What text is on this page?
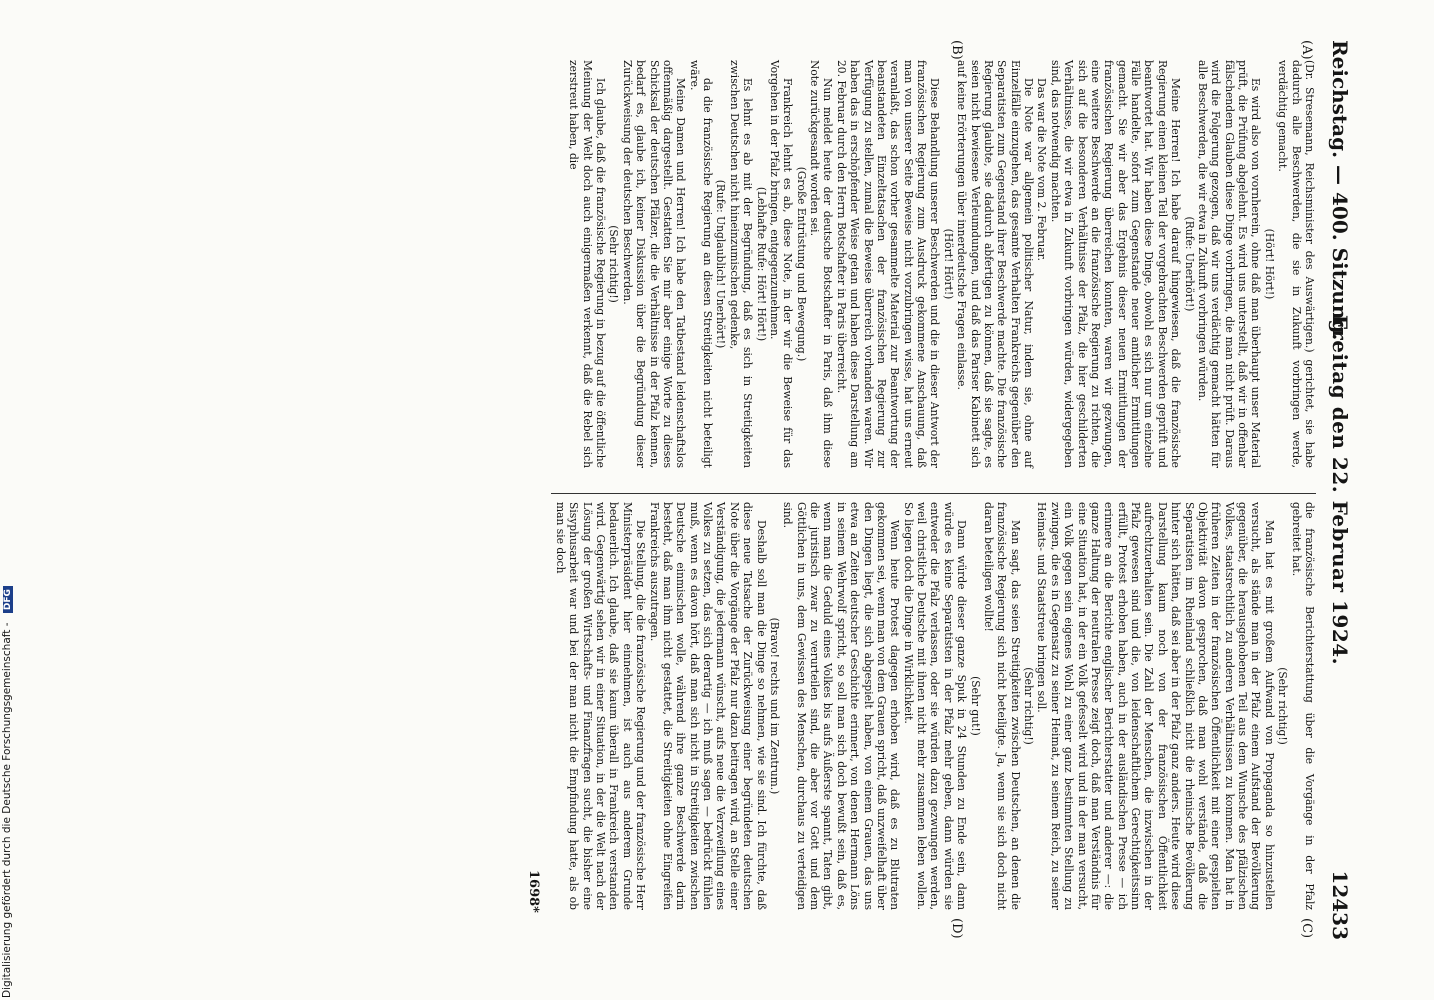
Reichstag. — 400. Sitzung.
Freitag den 22. Februar 1924.
12433
(A)
(B)
(C)
(D)

(Dr. Stresemann, Reichsminister des Auswärtigen.) gerichtet, sie habe dadurch alle Beschwerden, die sie in Zukunft vorbringen werde, verdächtig gemacht.

(Hört! Hört!)

Es wird also von vornherein, ohne daß man überhaupt unser Material prüft, die Prüfung abgelehnt. Es wird uns unterstellt, daß wir in offenbar fälschendem Glauben diese Dinge vorbringen, die man nicht prüft. Daraus wird die Folgerung gezogen, daß wir uns verdächtig gemacht hätten für alle Beschwerden, die wir etwa in Zukunft vorbringen würden.

(Rufe: Unerhört!)

Meine Herren! Ich habe darauf hingewiesen, daß die französische Regierung einen kleinen Teil der vorgebrachten Beschwerden geprüft und beantwortet hat. Wir haben diese Dinge, obwohl es sich nur um einzelne Fälle handelte, sofort zum Gegenstande neuer amtlicher Ermittlungen gemacht. Sie wir aber das Ergebnis dieser neuen Ermittlungen der französischen Regierung überreichen konnten, waren wir gezwungen, eine weitere Beschwerde an die französische Regierung zu richten, die sich auf die besonderen Verhältnisse der Pfalz, die hier geschilderten Verhältnisse, die wir etwa in Zukunft vorbringen würden, widergegeben sind, das notwendig machten.

Das war die Note vom 2. Februar.

Die Note war allgemein politischer Natur, indem sie, ohne auf Einzelfälle einzugehen, das gesamte Verhalten Frankreichs gegenüber den Separatisten zum Gegenstand ihrer Beschwerde machte. Die französische Regierung glaubte, sie dadurch abfertigen zu können, daß sie sagte, es seien nicht bewiesene Verleumdungen, und daß das Pariser Kabinett sich auf keine Erörterungen über innerdeutsche Fragen einlasse.

(Hört! Hört!)

Diese Behandlung unserer Beschwerden und die in dieser Antwort der französischen Regierung zum Ausdruck gekommene Anschauung, daß man von unserer Seite Beweise nicht vorzubringen wisse, hat uns erneut veranlaßt, das schon vorher gesammelte Material zur Beantwortung der beanstandeten Einzeltatsachen der französischen Regierung zur Verfügung zu stellen, zumal die Beweise überreich vorhanden waren. Wir haben das in erschöpfender Weise getan und haben diese Darstellung am 20. Februar durch den Herrn Botschafter in Paris überreicht.

Nun meldet heute der deutsche Botschafter in Paris, daß ihm diese Note zurückgesandt worden sei.

(Große Entrüstung und Bewegung.)

Frankreich lehnt es ab, diese Note, in der wir die Beweise für das Vorgehen in der Pfalz bringen, entgegenzunehmen.

(Lebhafte Rufe: Hört! Hört!)

Es lehnt es ab mit der Begründung, daß es sich in Streitigkeiten zwischen Deutschen nicht hineinzumischen gedenke,

(Rufe: Unglaublich! Unerhört!)

da die französische Regierung an diesen Streitigkeiten nicht beteiligt wäre.

Meine Damen und Herren! Ich habe den Tatbestand leidenschaftslos offenmäßig dargestellt. Gestatten Sie mir aber einige Worte zu dieses Schicksal der deutschen Pfälzer, die die Verhältnisse in der Pfalz kennen, bedarf es, glaube ich, keiner Diskussion über die Begründung dieser Zurückweisung der deutschen Beschwerden.

(Sehr richtig!)

Ich glaube, daß die französische Regierung in bezug auf die öffentliche Meinung der Welt doch auch einigermaßen verkennt, daß die Rebel sich zerstreut haben, die

die französische Berichterstattung über die Vorgänge in der Pfalz gebreitet hat.

(Sehr richtig!)

Man hat es mit großem Aufwand von Propaganda so hinzustellen versucht, als stände man in der Pfalz einem Aufstand der Bevölkerung gegenüber, die herausgehobenen Teil aus dem Wunsche des pfälzischen Volkes, staatsrechtlich zu anderen Verhältnissen zu kommen. Man hat in früheren Zeiten in der französischen Öffentlichkeit mit einer gespielten Objektivität davon gesprochen, daß man wohl verstände, daß die Separatisten im Rheinland schließlich nicht die rheinische Bevölkerung hinter sich hätten, daß sei aber in der Pfalz ganz anders. Heute wird diese Darstellung kaum noch von der französischen Öffentlichkeit aufrechtzuerhalten sein. Die Zahl der Menschen, die inzwischen in der Pfalz gewesen sind und die, von leidenschaftlichem Gerechtigkeitssinn erfüllt, Protest erhoben haben, auch in der ausländischen Presse — ich erinnere an die Berichte englischer Berichterstatter und anderer —: die ganze Haltung der neutralen Presse zeigt doch, daß man Verständnis für eine Situation hat, in der ein Volk gefesselt wird und in der man versucht, ein Volk gegen sein eigenes Wohl zu einer ganz bestimmten Stellung zu zwingen, die es in Gegensatz zu seiner Heimat, zu seinem Reich, zu seiner Heimats- und Staatstreue bringen soll.

(Sehr richtig!)

Man sagt, das seien Streitigkeiten zwischen Deutschen, an denen die französische Regierung sich nicht beteiligte. Ja, wenn sie sich doch nicht daran beteiligen wollte!

(Sehr gut!)

Dann würde dieser ganze Spuk in 24 Stunden zu Ende sein, dann würde es keine Separatisten in der Pfalz mehr geben, dann würden sie entweder die Pfalz verlassen, oder sie würden dazu gezwungen werden, weil christliche Deutsche mit ihnen nicht mehr zusammen leben wollen. So liegen doch die Dinge in Wirklichkeit.

Wenn heute Protest dagegen erhoben wird, daß es zu Blutraten gekommen sei, wenn man von dem Grauen spricht, daß unzweifelhaft über den Dingen liegt, die sich abgespielt haben, von einem Grauen, das uns etwa an Zeiten deutscher Geschichte erinnert, von denen Hermann Löns in seinem Wehrwolf spricht, so soll man sich doch bewußt sein, daß es, wenn man die Geduld eines Volkes bis aufs Äußerste spannt, Taten gibt, die juristisch zwar zu verurteilen sind, die aber vor Gott und dem Göttlichen in uns, dem Gewissen des Menschen, durchaus zu verteidigen sind.

(Bravo! rechts und im Zentrum.)

Deshalb soll man die Dinge so nehmen, wie sie sind. Ich fürchte, daß diese neue Tatsache der Zurückweisung einer begründeten deutschen Note über die Vorgänge der Pfalz nur dazu beitragen wird, an Stelle einer Verständigung, die jedermann wünscht, aufs neue die Verzweiflung eines Volkes zu setzen, das sich derartig — ich muß sagen — bedrückt fühlen muß, wenn es davon hört, daß man sich nicht in Streitigkeiten zwischen Deutsche einmischen wolle, während ihre ganze Beschwerde darin besteht, daß man ihm nicht gestattet, die Streitigkeiten ohne Eingreifen Frankreichs auszutragen.

Die Stellung, die die französische Regierung und der französische Herr Ministerpräsident hier einnehmen, ist auch aus anderem Grunde bedauerlich. Ich glaube, daß sie kaum überall in Frankreich verstanden wird. Gegenwärtig sehen wir in einer Situation, in der die Welt nach der Lösung der großen Wirtschafts- und Finanzfragen sucht, die bisher eine Sisyphusarbeit war und bei der man nicht die Empfindung hatte, als ob man sie doch

1698*
Digitalisierung gefördert durch die Deutsche Forschungsgemeinschaft - DFG
